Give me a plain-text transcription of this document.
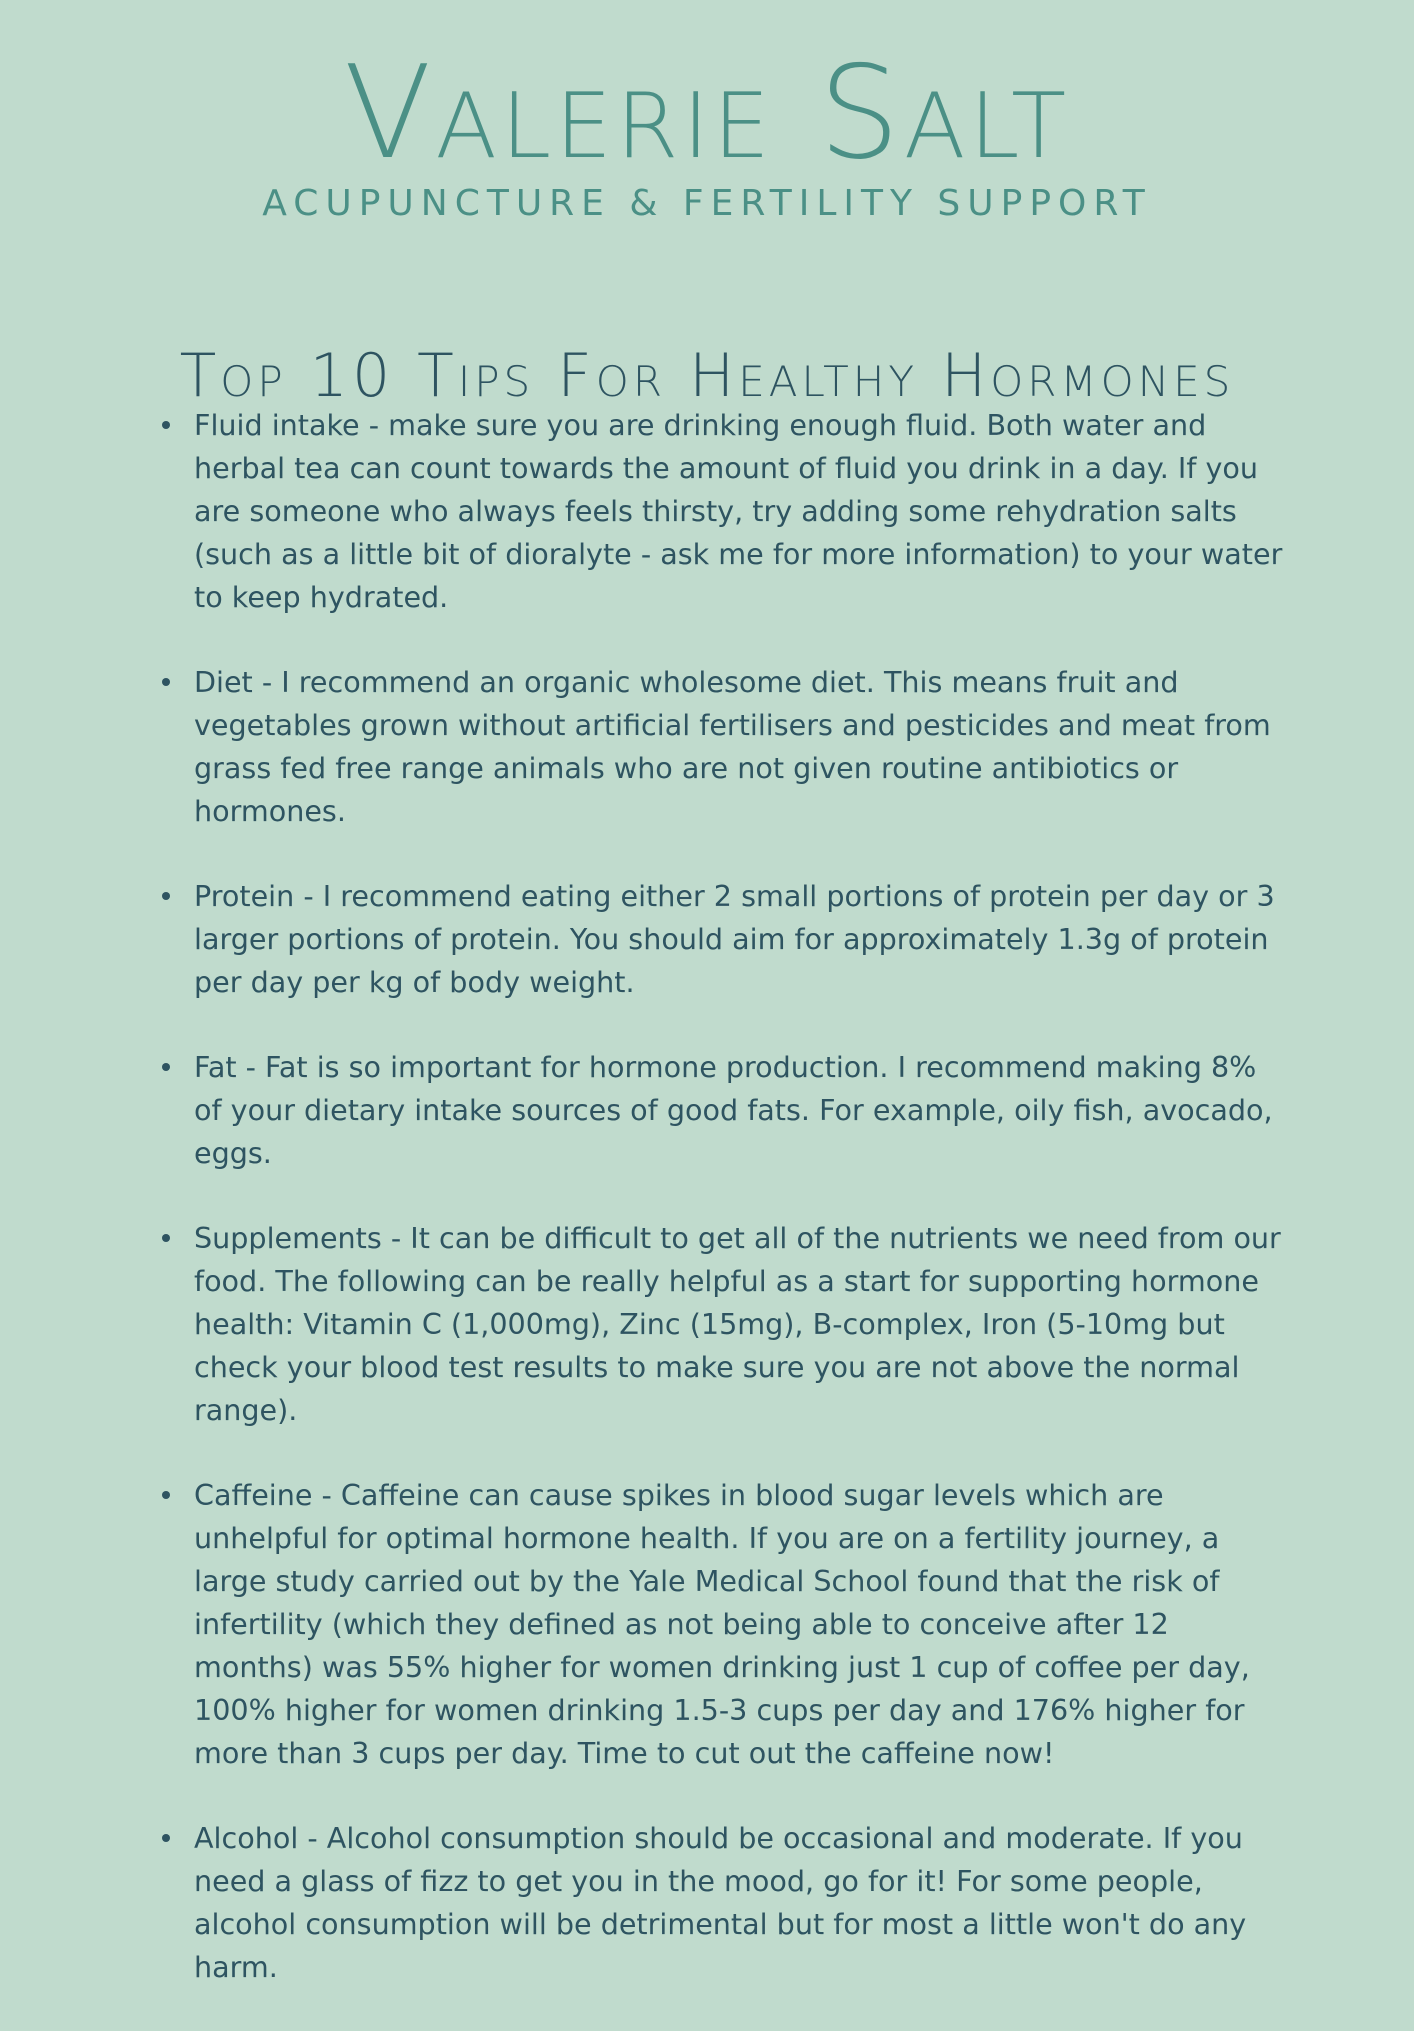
Valerie Salt
ACUPUNCTURE & FERTILITY SUPPORT
Top 10 Tips For Healthy Hormones
Fluid intake - make sure you are drinking enough fluid. Both water and herbal tea can count towards the amount of fluid you drink in a day. If you are someone who always feels thirsty, try adding some rehydration salts (such as a little bit of dioralyte - ask me for more information) to your water to keep hydrated.
Diet - I recommend an organic wholesome diet. This means fruit and vegetables grown without artificial fertilisers and pesticides and meat from grass fed free range animals who are not given routine antibiotics or hormones.
Protein - I recommend eating either 2 small portions of protein per day or 3 larger portions of protein. You should aim for approximately 1.3g of protein per day per kg of body weight.
Fat - Fat is so important for hormone production. I recommend making 8% of your dietary intake sources of good fats. For example, oily fish, avocado, eggs.
Supplements - It can be difficult to get all of the nutrients we need from our food. The following can be really helpful as a start for supporting hormone health: Vitamin C (1,000mg), Zinc (15mg), B-complex, Iron (5-10mg but check your blood test results to make sure you are not above the normal range).
Caffeine - Caffeine can cause spikes in blood sugar levels which are unhelpful for optimal hormone health. If you are on a fertility journey, a large study carried out by the Yale Medical School found that the risk of infertility (which they defined as not being able to conceive after 12 months) was 55% higher for women drinking just 1 cup of coffee per day, 100% higher for women drinking 1.5-3 cups per day and 176% higher for more than 3 cups per day. Time to cut out the caffeine now!
Alcohol - Alcohol consumption should be occasional and moderate. If you need a glass of fizz to get you in the mood, go for it! For some people, alcohol consumption will be detrimental but for most a little won't do any harm.
